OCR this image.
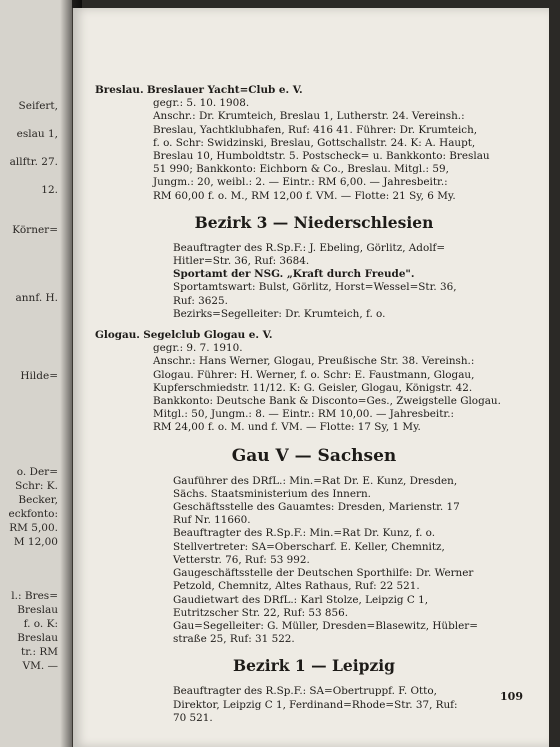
Seifert,
eslau 1,
allftr. 27.
12.
Körner=
annf. H.
Hilde=
o. Der=
Schr: K.
Becker,
eckfonto:
RM 5,00.
M 12,00
l.: Bres=
Breslau
f. o. K:
Breslau
tr.: RM
VM. —

Breslau. Breslauer Yacht=Club e. V.

gegr.: 5. 10. 1908.

Anschr.: Dr. Krumteich, Breslau 1, Lutherstr. 24. Vereinsh.:

Breslau, Yachtklubhafen, Ruf: 416 41. Führer: Dr. Krumteich,

f. o. Schr: Swidzinski, Breslau, Gottschallstr. 24. K: A. Haupt,

Breslau 10, Humboldtstr. 5. Postscheck= u. Bankkonto: Breslau

51 990; Bankkonto: Eichborn & Co., Breslau. Mitgl.: 59,

Jungm.: 20, weibl.: 2. — Eintr.: RM 6,00. — Jahresbeitr.:

RM 60,00 f. o. M., RM 12,00 f. VM. — Flotte: 21 Sy, 6 My.

Bezirk 3 — Niederschlesien

Beauftragter des R.Sp.F.: J. Ebeling, Görlitz, Adolf=

Hitler=Str. 36, Ruf: 3684.

Sportamt der NSG. „Kraft durch Freude".

Sportamtswart: Bulst, Görlitz, Horst=Wessel=Str. 36,

Ruf: 3625.

Bezirks=Segelleiter: Dr. Krumteich, f. o.

Glogau. Segelclub Glogau e. V.

gegr.: 9. 7. 1910.

Anschr.: Hans Werner, Glogau, Preußische Str. 38. Vereinsh.:

Glogau. Führer: H. Werner, f. o. Schr: E. Faustmann, Glogau,

Kupferschmiedstr. 11/12. K: G. Geisler, Glogau, Königstr. 42.

Bankkonto: Deutsche Bank & Disconto=Ges., Zweigstelle Glogau.

Mitgl.: 50, Jungm.: 8. — Eintr.: RM 10,00. — Jahresbeitr.:

RM 24,00 f. o. M. und f. VM. — Flotte: 17 Sy, 1 My.

Gau V — Sachsen

Gauführer des DRfL.: Min.=Rat Dr. E. Kunz, Dresden,

Sächs. Staatsministerium des Innern.

Geschäftsstelle des Gauamtes: Dresden, Marienstr. 17

Ruf Nr. 11660.

Beauftragter des R.Sp.F.: Min.=Rat Dr. Kunz, f. o.

Stellvertreter: SA=Oberscharf. E. Keller, Chemnitz,

Vetterstr. 76, Ruf: 53 992.

Gaugeschäftsstelle der Deutschen Sporthilfe: Dr. Werner

Petzold, Chemnitz, Altes Rathaus, Ruf: 22 521.

Gaudietwart des DRfL.: Karl Stolze, Leipzig C 1,

Eutritzscher Str. 22, Ruf: 53 856.

Gau=Segelleiter: G. Müller, Dresden=Blasewitz, Hübler=

straße 25, Ruf: 31 522.

Bezirk 1 — Leipzig

Beauftragter des R.Sp.F.: SA=Obertruppf. F. Otto,

Direktor, Leipzig C 1, Ferdinand=Rhode=Str. 37, Ruf:

70 521.

109
